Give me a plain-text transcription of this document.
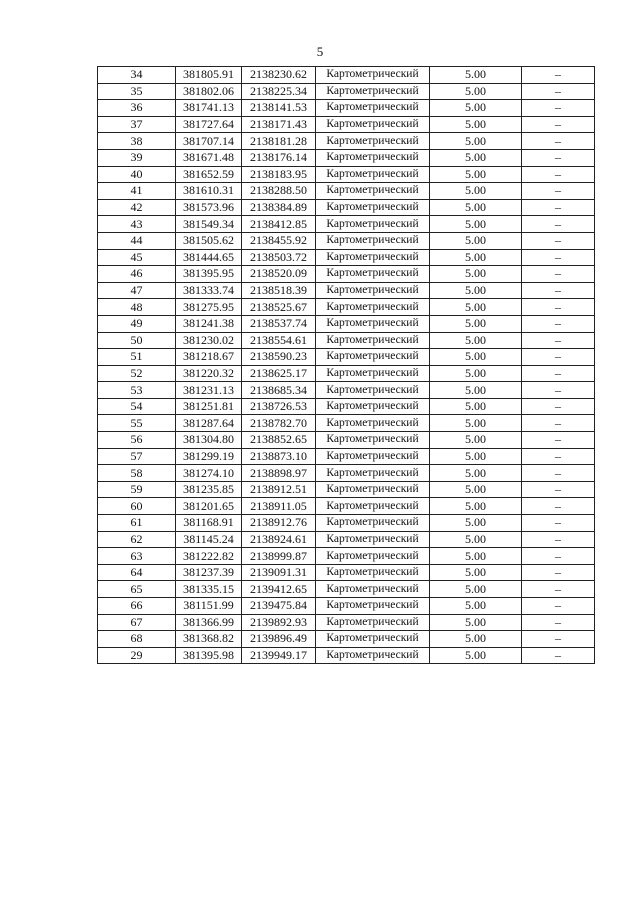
5
34	381805.91	2138230.62	Картометрический	5.00	–
35	381802.06	2138225.34	Картометрический	5.00	–
36	381741.13	2138141.53	Картометрический	5.00	–
37	381727.64	2138171.43	Картометрический	5.00	–
38	381707.14	2138181.28	Картометрический	5.00	–
39	381671.48	2138176.14	Картометрический	5.00	–
40	381652.59	2138183.95	Картометрический	5.00	–
41	381610.31	2138288.50	Картометрический	5.00	–
42	381573.96	2138384.89	Картометрический	5.00	–
43	381549.34	2138412.85	Картометрический	5.00	–
44	381505.62	2138455.92	Картометрический	5.00	–
45	381444.65	2138503.72	Картометрический	5.00	–
46	381395.95	2138520.09	Картометрический	5.00	–
47	381333.74	2138518.39	Картометрический	5.00	–
48	381275.95	2138525.67	Картометрический	5.00	–
49	381241.38	2138537.74	Картометрический	5.00	–
50	381230.02	2138554.61	Картометрический	5.00	–
51	381218.67	2138590.23	Картометрический	5.00	–
52	381220.32	2138625.17	Картометрический	5.00	–
53	381231.13	2138685.34	Картометрический	5.00	–
54	381251.81	2138726.53	Картометрический	5.00	–
55	381287.64	2138782.70	Картометрический	5.00	–
56	381304.80	2138852.65	Картометрический	5.00	–
57	381299.19	2138873.10	Картометрический	5.00	–
58	381274.10	2138898.97	Картометрический	5.00	–
59	381235.85	2138912.51	Картометрический	5.00	–
60	381201.65	2138911.05	Картометрический	5.00	–
61	381168.91	2138912.76	Картометрический	5.00	–
62	381145.24	2138924.61	Картометрический	5.00	–
63	381222.82	2138999.87	Картометрический	5.00	–
64	381237.39	2139091.31	Картометрический	5.00	–
65	381335.15	2139412.65	Картометрический	5.00	–
66	381151.99	2139475.84	Картометрический	5.00	–
67	381366.99	2139892.93	Картометрический	5.00	–
68	381368.82	2139896.49	Картометрический	5.00	–
29	381395.98	2139949.17	Картометрический	5.00	–
